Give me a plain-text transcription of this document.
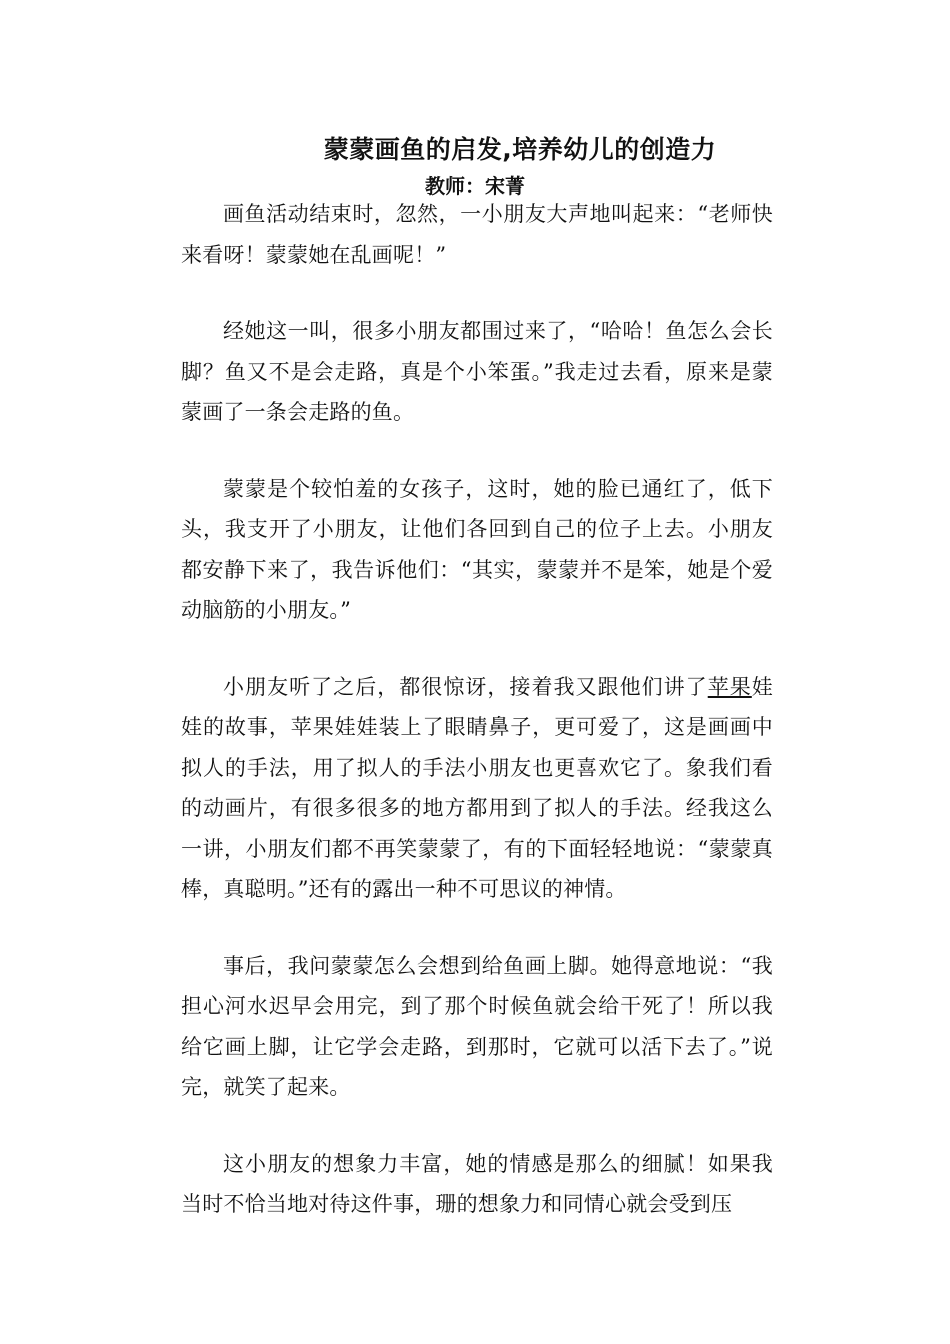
蒙蒙画鱼的启发,培养幼儿的创造力
教师：宋菁

画鱼活动结束时，忽然，一小朋友大声地叫起来：“老师快来看呀！蒙蒙她在乱画呢！”

经她这一叫，很多小朋友都围过来了，“哈哈！鱼怎么会长脚？鱼又不是会走路，真是个小笨蛋。”我走过去看，原来是蒙蒙画了一条会走路的鱼。

蒙蒙是个较怕羞的女孩子，这时，她的脸已通红了，低下头，我支开了小朋友，让他们各回到自己的位子上去。小朋友都安静下来了，我告诉他们：“其实，蒙蒙并不是笨，她是个爱动脑筋的小朋友。”

小朋友听了之后，都很惊讶，接着我又跟他们讲了苹果娃娃的故事，苹果娃娃装上了眼睛鼻子，更可爱了，这是画画中拟人的手法，用了拟人的手法小朋友也更喜欢它了。象我们看的动画片，有很多很多的地方都用到了拟人的手法。经我这么一讲，小朋友们都不再笑蒙蒙了，有的下面轻轻地说：“蒙蒙真棒，真聪明。”还有的露出一种不可思议的神情。

事后，我问蒙蒙怎么会想到给鱼画上脚。她得意地说：“我担心河水迟早会用完，到了那个时候鱼就会给干死了！所以我给它画上脚，让它学会走路，到那时，它就可以活下去了。”说完，就笑了起来。

这小朋友的想象力丰富，她的情感是那么的细腻！如果我当时不恰当地对待这件事，珊的想象力和同情心就会受到压
